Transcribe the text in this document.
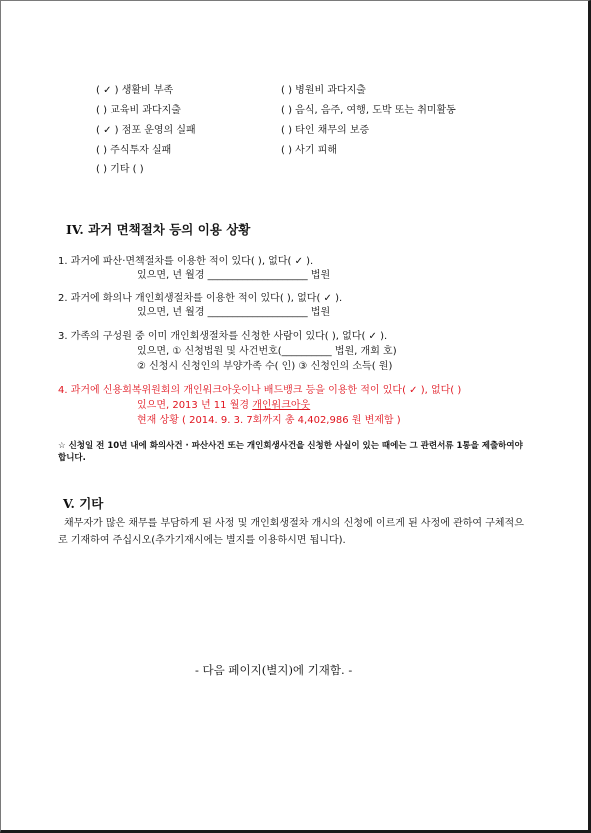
( ✓ ) 생활비 부족	( ) 병원비 과다지출
( ) 교육비 과다지출	( ) 음식, 음주, 여행, 도박 또는 취미활동
( ✓ ) 점포 운영의 실패	( ) 타인 채무의 보증
( ) 주식투자 실패	( ) 사기 피해
( ) 기타 ( )
IV. 과거 면책절차 등의 이용 상황
1. 과거에 파산·면책절차를 이용한 적이 있다( ), 없다( ✓ ).
있으면, 년 월경 ____________________ 법원
2. 과거에 화의나 개인회생절차를 이용한 적이 있다( ), 없다( ✓ ).
있으면, 년 월경 ____________________ 법원
3. 가족의 구성원 중 이미 개인회생절차를 신청한 사람이 있다( ), 없다( ✓ ).
있으면, ① 신청법원 및 사건번호(__________ 법원, 개회 호)
② 신청시 신청인의 부양가족 수( 인) ③ 신청인의 소득( 원)
4. 과거에 신용회복위원회의 개인워크아웃이나 배드뱅크 등을 이용한 적이 있다( ✓ ), 없다( )
있으면, 2013 년 11 월경 개인워크아웃
현재 상황 ( 2014. 9. 3. 7회까지 총 4,402,986 원 변제함 )
☆ 신청일 전 10년 내에 화의사건 · 파산사건 또는 개인회생사건을 신청한 사실이 있는 때에는 그 관련서류 1통을 제출하여야 합니다.
V. 기타
채무자가 많은 채무를 부담하게 된 사정 및 개인회생절차 개시의 신청에 이르게 된 사정에 관하여 구체적으로 기재하여 주십시오(추가기재시에는 별지를 이용하시면 됩니다).
- 다음 페이지(별지)에 기재함. -
